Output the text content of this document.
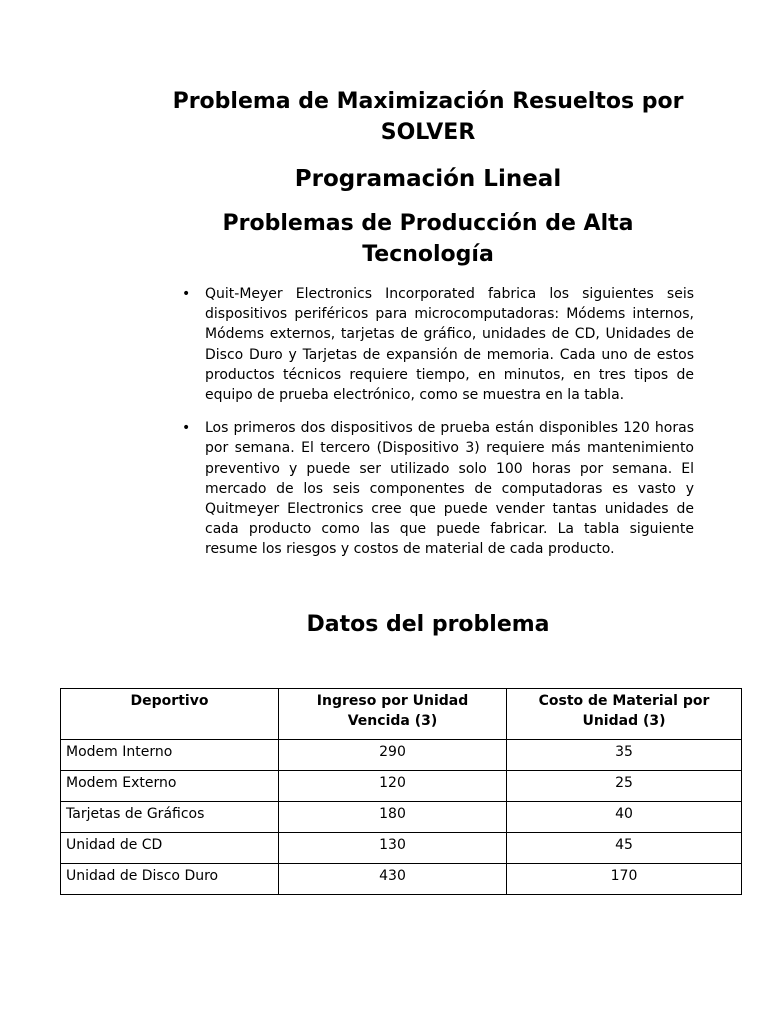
Problema de Maximización Resueltos por SOLVER
Programación Lineal
Problemas de Producción de Alta Tecnología
• Quit-Meyer Electronics Incorporated fabrica los siguientes seis dispositivos periféricos para microcomputadoras: Módems internos, Módems externos, tarjetas de gráfico, unidades de CD, Unidades de Disco Duro y Tarjetas de expansión de memoria. Cada uno de estos productos técnicos requiere tiempo, en minutos, en tres tipos de equipo de prueba electrónico, como se muestra en la tabla.
• Los primeros dos dispositivos de prueba están disponibles 120 horas por semana. El tercero (Dispositivo 3) requiere más mantenimiento preventivo y puede ser utilizado solo 100 horas por semana. El mercado de los seis componentes de computadoras es vasto y Quitmeyer Electronics cree que puede vender tantas unidades de cada producto como las que puede fabricar. La tabla siguiente resume los riesgos y costos de material de cada producto.
Datos del problema
Deportivo	Ingreso por Unidad Vencida (3)	Costo de Material por Unidad (3)
Modem Interno	290	35
Modem Externo	120	25
Tarjetas de Gráficos	180	40
Unidad de CD	130	45
Unidad de Disco Duro	430	170
